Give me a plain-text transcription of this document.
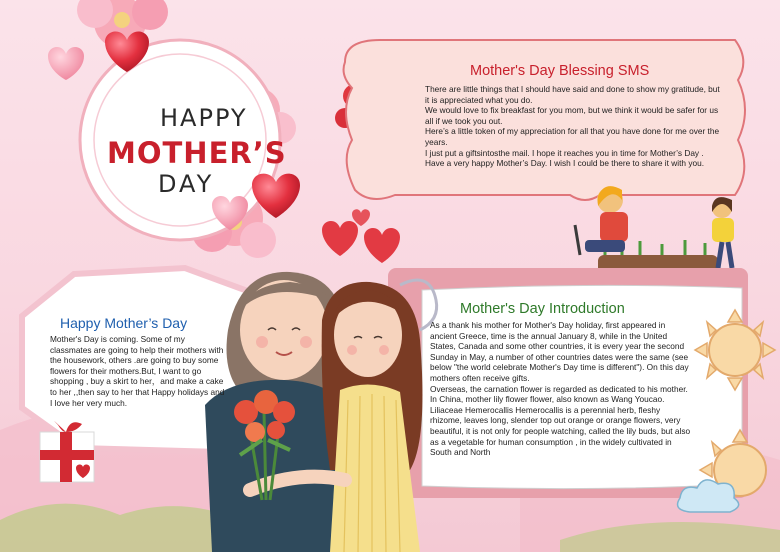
HAPPY
MOTHER’S
DAY
Mother's Day Blessing SMS

There are little things that I should have said and done to show my gratitude, but it is appreciated what you do.

We would love to fix breakfast for you mom, but we think it would be safer for us all if we took you out.

Here’s a little token of my appreciation for all that you have done for me over the years.

I just put a giftsintosthe mail. I hope it reaches you in time for Mother’s Day . Have a very happy Mother’s Day. I wish I could be there to share it with you.

Happy Mother’s Day
Mother's Day is coming. Some of my classmates are going to help their mothers with the housework, others .are going to buy some flowers for their mothers.But, I want to go shopping , buy a skirt to her，and make a cake to her ,,then say to her that Happy holidays and I love her very much.
Mother's Day Introduction

As a thank his mother for Mother's Day holiday, first appeared in ancient Greece, time is the annual January 8, while in the United States, Canada and some other countries, it is every year the second Sunday in May, a number of other countries dates were the same (see below "the world celebrate Mother's Day time is different"). On this day mothers often receive gifts.

Overseas, the carnation flower is regarded as dedicated to his mother.

In China, mother lily flower flower, also known as Wang Youcao. Liliaceae Hemerocallis Hemerocallis is a perennial herb, fleshy rhizome, leaves long, slender top out orange or orange flowers, very beautiful, it is not only for people watching, called the lily buds, but also as a vegetable for human consumption , in the widely cultivated in South and North
